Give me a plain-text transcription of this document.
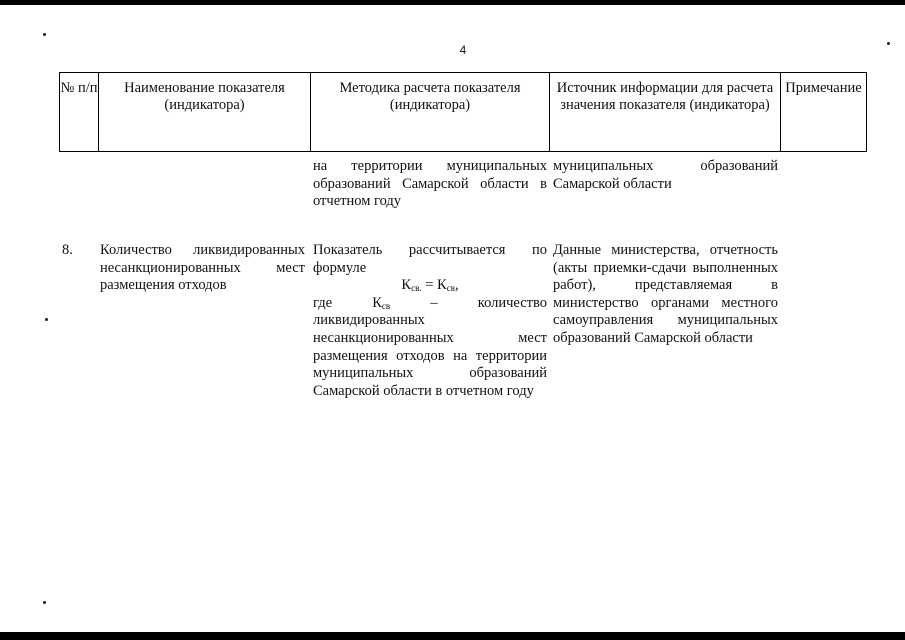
4
№ п/п	Наименование показателя (индикатора)
Методика расчета показателя (индикатора)
Источник информации для расчета значения показателя (индикатора)
Примечание
на территории муниципальных образований Самарской области в отчетном году
муниципальных образований Самарской области
8.	Количество ликвидированных несанкционированных мест размещения отходов
Показатель рассчитывается по формуле
$К_{св.} = К_{св}$,
где $К_{св}$ – количество ликвидированных несанкционированных мест размещения отходов на территории муниципальных образований Самарской области в отчетном году
Данные министерства, отчетность (акты приемки-сдачи выполненных работ), представляемая в министерство органами местного самоуправления муниципальных образований Самарской области
